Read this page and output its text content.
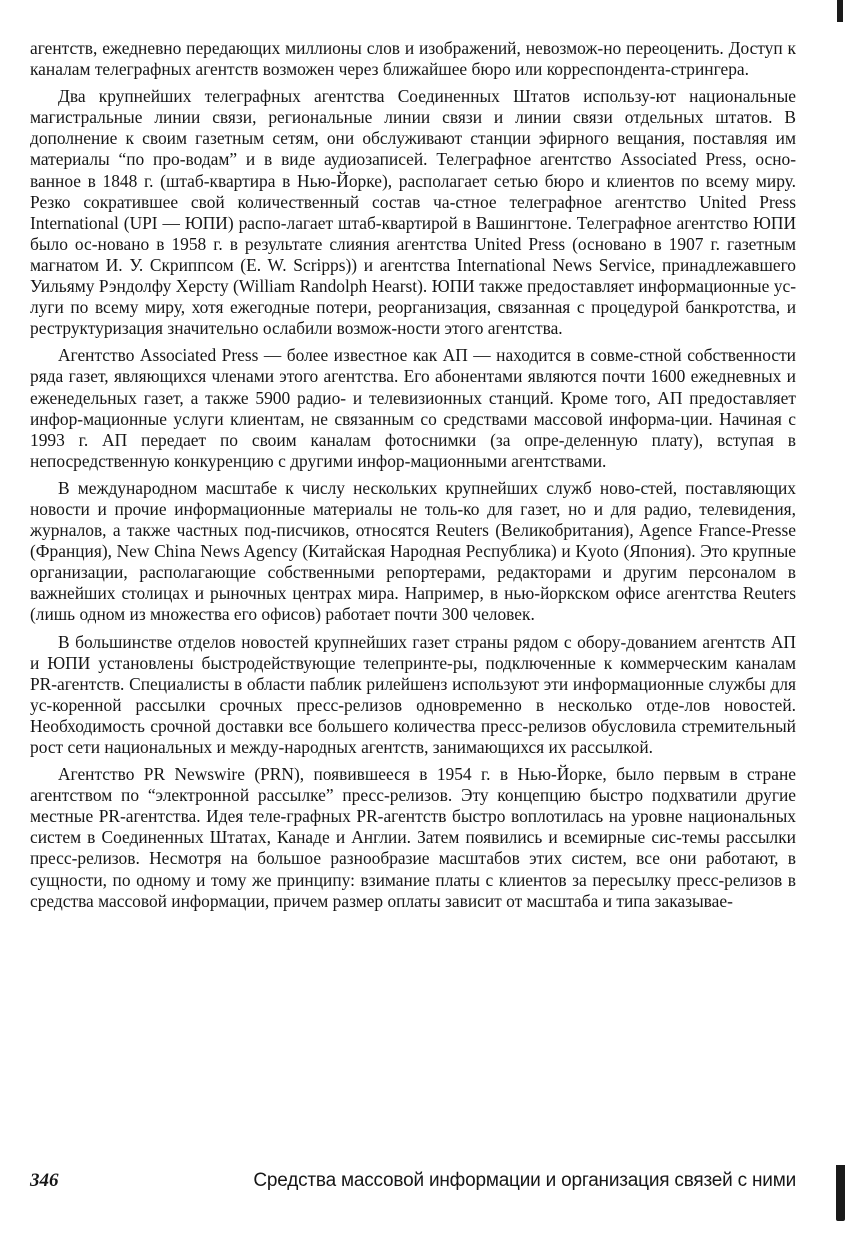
агентств, ежедневно передающих миллионы слов и изображений, невозмож-но переоценить. Доступ к каналам телеграфных агентств возможен через ближайшее бюро или корреспондента-стрингера.

Два крупнейших телеграфных агентства Соединенных Штатов использу-ют национальные магистральные линии связи, региональные линии связи и линии связи отдельных штатов. В дополнение к своим газетным сетям, они обслуживают станции эфирного вещания, поставляя им материалы “по про-водам” и в виде аудиозаписей. Телеграфное агентство Associated Press, осно-ванное в 1848 г. (штаб-квартира в Нью-Йорке), располагает сетью бюро и клиентов по всему миру. Резко сократившее свой количественный состав ча-стное телеграфное агентство United Press International (UPI — ЮПИ) распо-лагает штаб-квартирой в Вашингтоне. Телеграфное агентство ЮПИ было ос-новано в 1958 г. в результате слияния агентства United Press (основано в 1907 г. газетным магнатом И. У. Скриппсом (E. W. Scripps)) и агентства International News Service, принадлежавшего Уильяму Рэндолфу Херсту (William Randolph Hearst). ЮПИ также предоставляет информационные ус-луги по всему миру, хотя ежегодные потери, реорганизация, связанная с процедурой банкротства, и реструктуризация значительно ослабили возмож-ности этого агентства.

Агентство Associated Press — более известное как АП — находится в совме-стной собственности ряда газет, являющихся членами этого агентства. Его абонентами являются почти 1600 ежедневных и еженедельных газет, а также 5900 радио- и телевизионных станций. Кроме того, АП предоставляет инфор-мационные услуги клиентам, не связанным со средствами массовой информа-ции. Начиная с 1993 г. АП передает по своим каналам фотоснимки (за опре-деленную плату), вступая в непосредственную конкуренцию с другими инфор-мационными агентствами.

В международном масштабе к числу нескольких крупнейших служб ново-стей, поставляющих новости и прочие информационные материалы не толь-ко для газет, но и для радио, телевидения, журналов, а также частных под-писчиков, относятся Reuters (Великобритания), Agence France-Presse (Франция), New China News Agency (Китайская Народная Республика) и Kyoto (Япония). Это крупные организации, располагающие собственными репортерами, редакторами и другим персоналом в важнейших столицах и рыночных центрах мира. Например, в нью-йоркском офисе агентства Reuters (лишь одном из множества его офисов) работает почти 300 человек.

В большинстве отделов новостей крупнейших газет страны рядом с обору-дованием агентств АП и ЮПИ установлены быстродействующие телепринте-ры, подключенные к коммерческим каналам PR-агентств. Специалисты в области паблик рилейшенз используют эти информационные службы для ус-коренной рассылки срочных пресс-релизов одновременно в несколько отде-лов новостей. Необходимость срочной доставки все большего количества пресс-релизов обусловила стремительный рост сети национальных и между-народных агентств, занимающихся их рассылкой.

Агентство PR Newswire (PRN), появившееся в 1954 г. в Нью-Йорке, было первым в стране агентством по “электронной рассылке” пресс-релизов. Эту концепцию быстро подхватили другие местные PR-агентства. Идея теле-графных PR-агентств быстро воплотилась на уровне национальных систем в Соединенных Штатах, Канаде и Англии. Затем появились и всемирные сис-темы рассылки пресс-релизов. Несмотря на большое разнообразие масштабов этих систем, все они работают, в сущности, по одному и тому же принципу: взимание платы с клиентов за пересылку пресс-релизов в средства массовой информации, причем размер оплаты зависит от масштаба и типа заказывае-

346	Средства массовой информации и организация связей с ними
